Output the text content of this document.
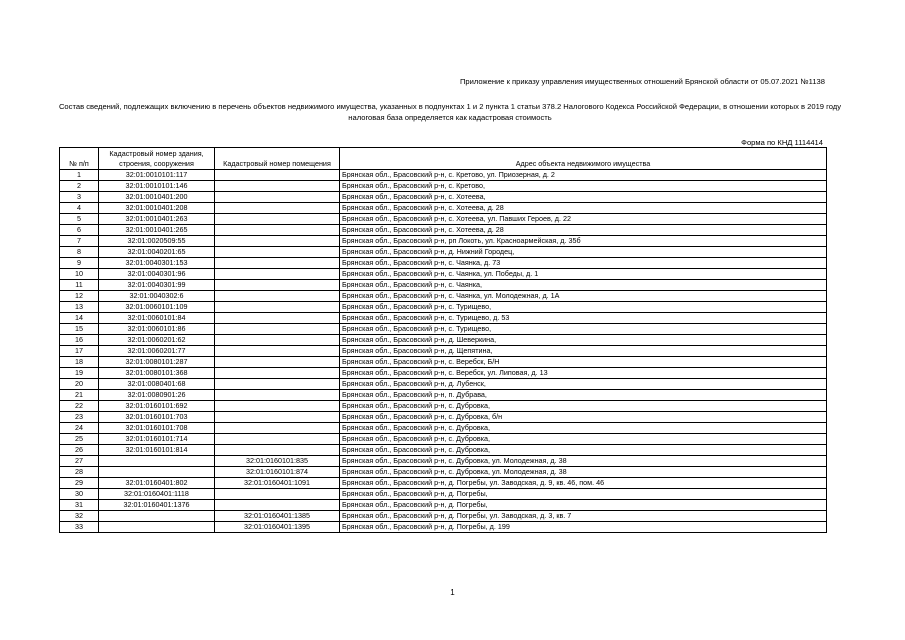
Приложение к приказу управления имущественных отношений Брянской области от 05.07.2021 №1138
Состав сведений, подлежащих включению в перечень объектов недвижимого имущества, указанных в подпунктах 1 и 2 пункта 1 статьи 378.2 Налогового Кодекса Российской Федерации, в отношении которых в 2019 году налоговая база определяется как кадастровая стоимость
Форма по КНД 1114414
№ п/п	Кадастровый номер здания, строения, сооружения	Кадастровый номер помещения	Адрес объекта недвижимого имущества
1	32:01:0010101:117		Брянская обл., Брасовский р-н, с. Кретово, ул. Приозерная, д. 2
2	32:01:0010101:146		Брянская обл., Брасовский р-н, с. Кретово,
3	32:01:0010401:200		Брянская обл., Брасовский р-н, с. Хотеева,
4	32:01:0010401:208		Брянская обл., Брасовский р-н, с. Хотеева, д. 28
5	32:01:0010401:263		Брянская обл., Брасовский р-н, с. Хотеева, ул. Павших Героев, д. 22
6	32:01:0010401:265		Брянская обл., Брасовский р-н, с. Хотеева, д. 28
7	32:01:0020509:55		Брянская обл., Брасовский р-н, рп Локоть, ул. Красноармейская, д. 35б
8	32:01:0040201:65		Брянская обл., Брасовский р-н, д. Нижний Городец,
9	32:01:0040301:153		Брянская обл., Брасовский р-н, с. Чаянка, д. 73
10	32:01:0040301:96		Брянская обл., Брасовский р-н, с. Чаянка, ул. Победы, д. 1
11	32:01:0040301:99		Брянская обл., Брасовский р-н, с. Чаянка,
12	32:01:0040302:6		Брянская обл., Брасовский р-н, с. Чаянка, ул. Молодежная, д. 1А
13	32:01:0060101:109		Брянская обл., Брасовский р-н, с. Турищево,
14	32:01:0060101:84		Брянская обл., Брасовский р-н, с. Турищево, д. 53
15	32:01:0060101:86		Брянская обл., Брасовский р-н, с. Турищево,
16	32:01:0060201:62		Брянская обл., Брасовский р-н, д. Шеверкина,
17	32:01:0060201:77		Брянская обл., Брасовский р-н, д. Щепятина,
18	32:01:0080101:287		Брянская обл., Брасовский р-н, с. Веребск, Б/Н
19	32:01:0080101:368		Брянская обл., Брасовский р-н, с. Веребск, ул. Липовая, д. 13
20	32:01:0080401:68		Брянская обл., Брасовский р-н, д. Лубенск,
21	32:01:0080901:26		Брянская обл., Брасовский р-н, п. Дубрава,
22	32:01:0160101:692		Брянская обл., Брасовский р-н, с. Дубровка,
23	32:01:0160101:703		Брянская обл., Брасовский р-н, с. Дубровка, б/н
24	32:01:0160101:708		Брянская обл., Брасовский р-н, с. Дубровка,
25	32:01:0160101:714		Брянская обл., Брасовский р-н, с. Дубровка,
26	32:01:0160101:814		Брянская обл., Брасовский р-н, с. Дубровка,
27		32:01:0160101:835	Брянская обл., Брасовский р-н, с. Дубровка, ул. Молодежная, д. 38
28		32:01:0160101:874	Брянская обл., Брасовский р-н, с. Дубровка, ул. Молодежная, д. 38
29	32:01:0160401:802	32:01:0160401:1091	Брянская обл., Брасовский р-н, д. Погребы, ул. Заводская, д. 9, кв. 46, пом. 46
30	32:01:0160401:1118		Брянская обл., Брасовский р-н, д. Погребы,
31	32:01:0160401:1376		Брянская обл., Брасовский р-н, д. Погребы,
32		32:01:0160401:1385	Брянская обл., Брасовский р-н, д. Погребы, ул. Заводская, д. 3, кв. 7
33		32:01:0160401:1395	Брянская обл., Брасовский р-н, д. Погребы, д. 199
1
